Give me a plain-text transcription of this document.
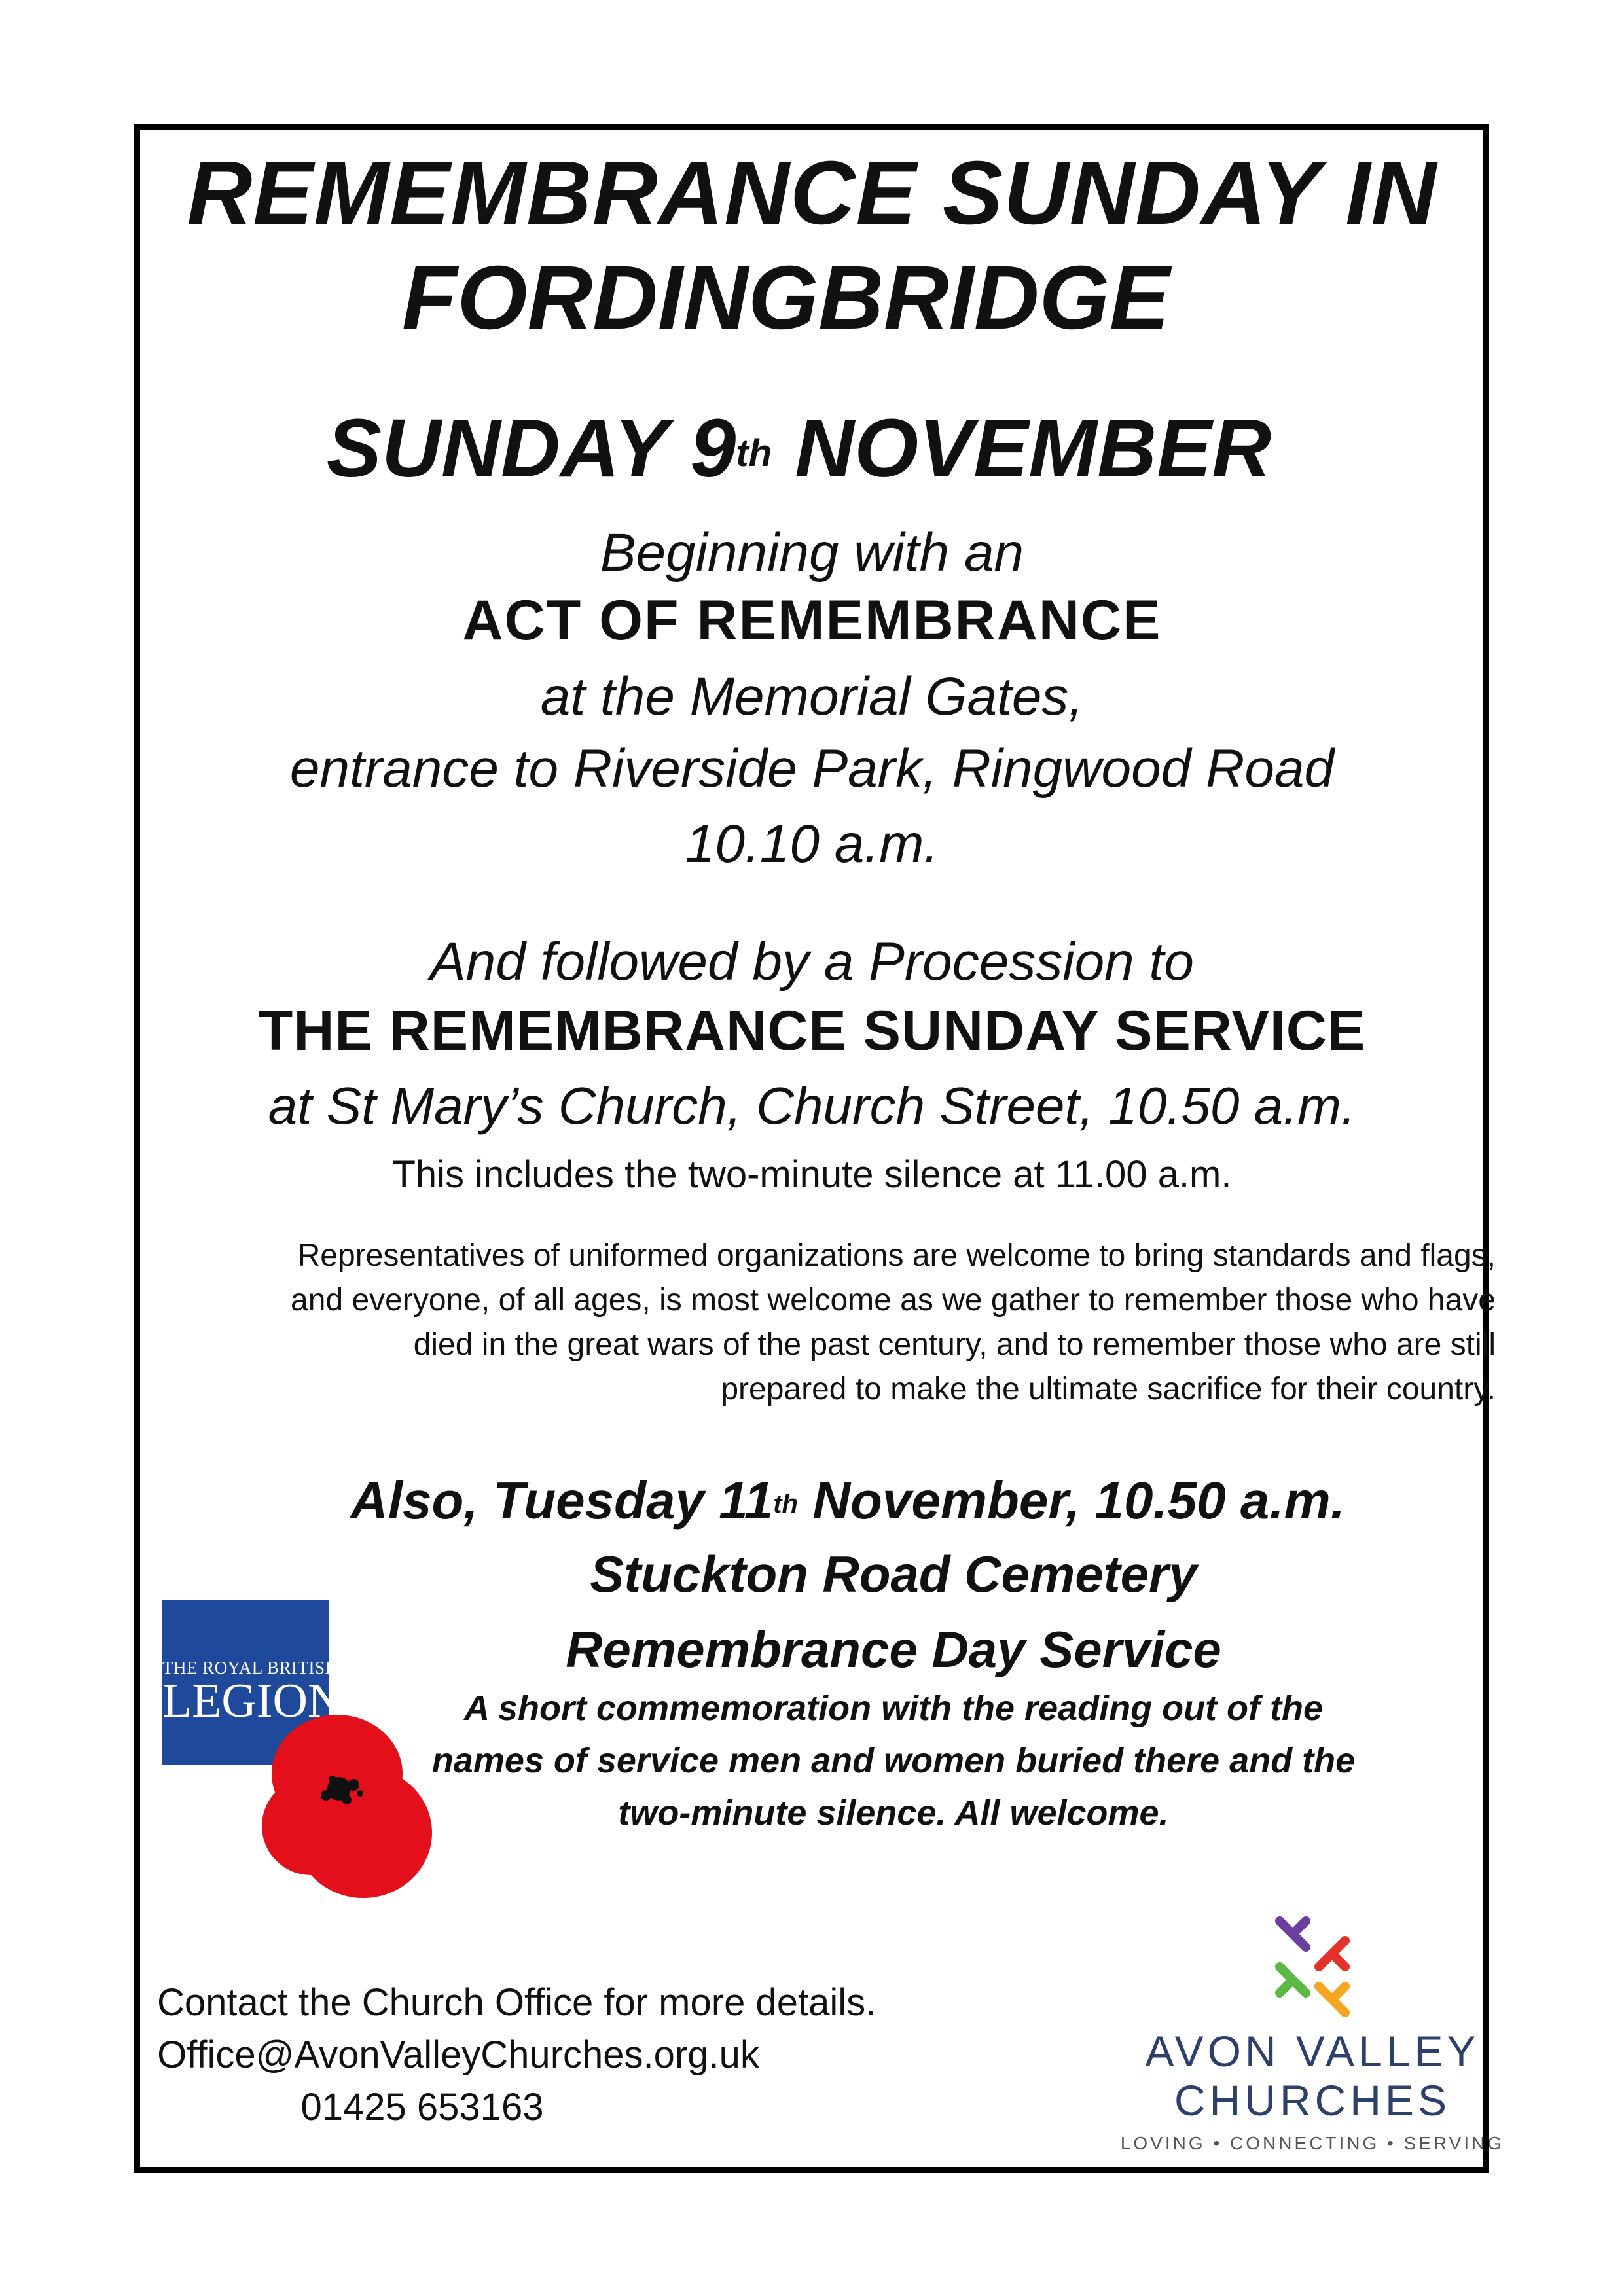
REMEMBRANCE SUNDAY IN
FORDINGBRIDGE
SUNDAY 9th NOVEMBER
Beginning with an
ACT OF REMEMBRANCE
at the Memorial Gates,
entrance to Riverside Park, Ringwood Road
10.10 a.m.
And followed by a Procession to
THE REMEMBRANCE SUNDAY SERVICE
at St Mary’s Church, Church Street, 10.50 a.m.
This includes the two-minute silence at 11.00 a.m.
Representatives of uniformed organizations are welcome to bring standards and flags,
and everyone, of all ages, is most welcome as we gather to remember those who have
died in the great wars of the past century, and to remember those who are still
prepared to make the ultimate sacrifice for their country.
Also, Tuesday 11th November, 10.50 a.m.
Stuckton Road Cemetery
Remembrance Day Service
A short commemoration with the reading out of the
names of service men and women buried there and the
two-minute silence. All welcome.
THE ROYAL BRITISH
LEGION
Contact the Church Office for more details.
Office@AvonValleyChurches.org.uk
01425 653163
AVON VALLEY
CHURCHES
LOVING • CONNECTING • SERVING
